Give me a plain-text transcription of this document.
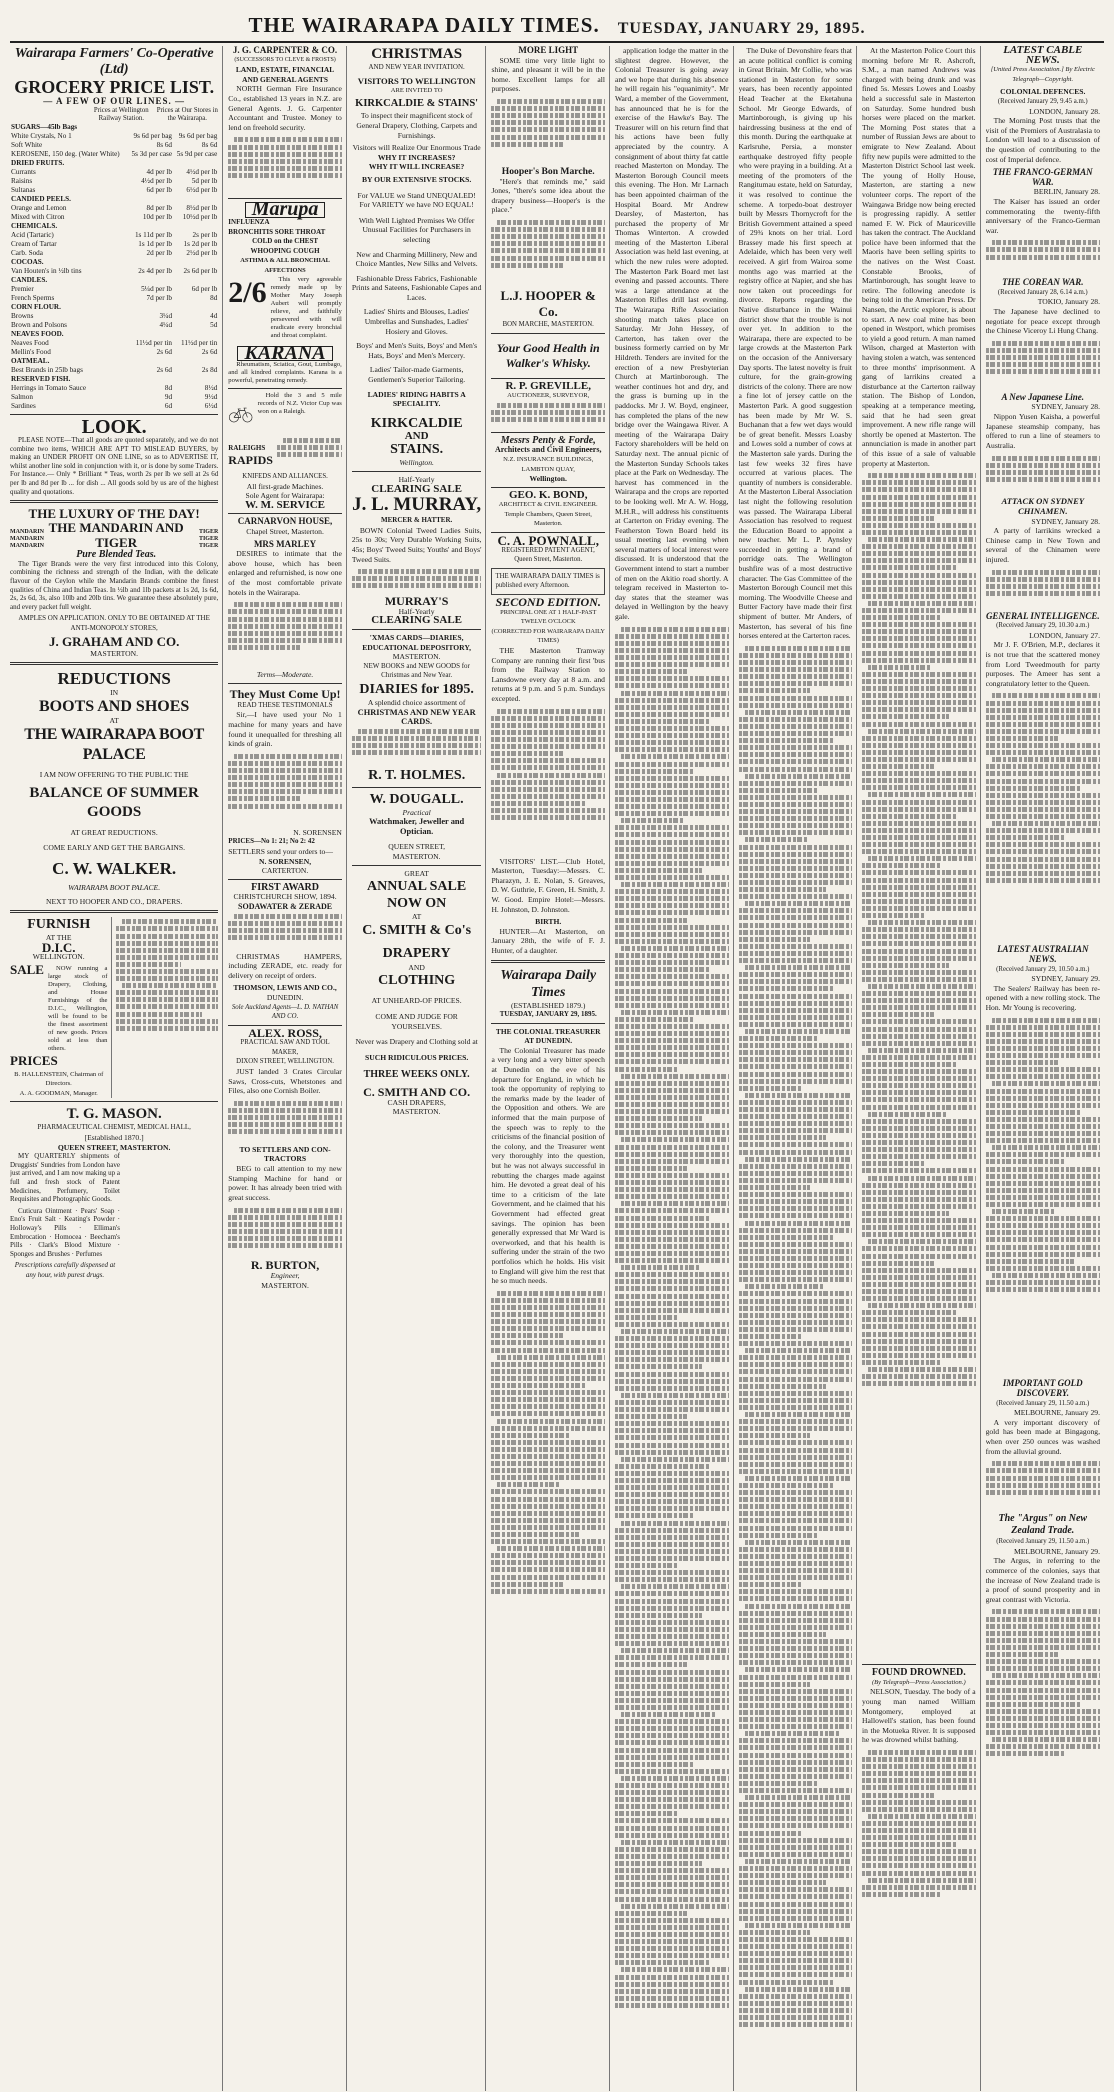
THE WAIRARAPA DAILY TIMES. TUESDAY, JANUARY 29, 1895.
Wairarapa Farmers' Co-Operative (Ltd)
GROCERY PRICE LIST.
— A FEW OF OUR LINES. —
Prices at Wellington Railway Station.
Prices at Our Stores in the Wairarapa.
SUGARS—45lb Bags		
White Crystals, No 1	9s 6d per bag	9s 6d per bag
Soft White	8s 6d	8s 6d
KEROSENE, 150 deg. (Water White)	5s 3d per case	5s 9d per case
DRIED FRUITS.		
Currants	4d per lb	4½d per lb
Raisins	4½d per lb	5d per lb
Sultanas	6d per lb	6½d per lb
CANDIED PEELS.		
Orange and Lemon	8d per lb	8½d per lb
Mixed with Citron	10d per lb	10½d per lb
CHEMICALS.		
Acid (Tartaric)	1s 11d per lb	2s per lb
Cream of Tartar	1s 1d per lb	1s 2d per lb
Carb. Soda	2d per lb	2½d per lb
COCOAS.		
Van Houten's in ½lb tins	2s 4d per lb	2s 6d per lb
CANDLES.		
Premier	5¼d per lb	6d per lb
French Sperms	7d per lb	8d
CORN FLOUR.		
Browns	3¼d	4d
Brown and Polsons	4¼d	5d
NEAVES FOOD.		
Neaves Food	11½d per tin	11½d per tin
Mellin's Food	2s 6d	2s 6d
OATMEAL.		
Best Brands in 25lb bags	2s 6d	2s 8d
RESERVED FISH.		
Herrings in Tomato Sauce	8d	8½d
Salmon	9d	9½d
Sardines	6d	6½d
LOOK.

PLEASE NOTE—That all goods are quoted separately, and we do not combine two items, WHICH ARE APT TO MISLEAD BUYERS, by making an UNDER PROFIT ON ONE LINE, so as to ADVERTISE IT, whilst another line sold in conjunction with it, or is done by some Traders. For Instance.— Only * Brilliant * Teas, worth 2s per lb we sell at 2s 6d per lb and 8d per lb ... for dish ... All goods sold by us are of the highest quality and quotations.

THE LUXURY OF THE DAY!
MANDARIN
MANDARIN
MANDARIN
THE MANDARIN AND TIGER
Pure Blended Teas.
TIGER
TIGER
TIGER

The Tiger Brands were the very first introduced into this Colony, combining the richness and strength of the Indian, with the delicate flavour of the Ceylon while the Mandarin Brands combine the finest qualities of China and Indian Teas. In ½lb and 1lb packets at 1s 2d, 1s 6d, 2s, 2s 6d, 3s, also 10lb and 20lb tins. We guarantee these absolutely pure, and every packet full weight.

AMPLES ON APPLICATION. ONLY TO BE OBTAINED AT THE ANTI-MONOPOLY STORES,
J. GRAHAM AND CO.
MASTERTON.
REDUCTIONS
IN
BOOTS AND SHOES
AT
THE WAIRARAPA BOOT PALACE
I AM NOW OFFERING TO THE PUBLIC THE
BALANCE OF SUMMER GOODS
AT GREAT REDUCTIONS.
COME EARLY AND GET THE BARGAINS.
C. W. WALKER.
WAIRARAPA BOOT PALACE.
NEXT TO HOOPER AND CO., DRAPERS.
FURNISH
AT THE
D.I.C.
WELLINGTON.
SALE	NOW running a large stock of Drapery, Clothing, and House Furnishings of the D.I.C., Wellington, will be found to be the finest assortment of new goods. Prices sold at less than others.

PRICES
B. HALLENSTEIN, Chairman of Directors.
A. A. GOODMAN, Manager.
T. G. MASON.
PHARMACEUTICAL CHEMIST, MEDICAL HALL,
[Established 1870.]
QUEEN STREET, MASTERTON.

MY QUARTERLY shipments of Druggists' Sundries from London have just arrived, and I am now making up a full and fresh stock of Patent Medicines, Perfumery, Toilet Requisites and Photographic Goods.

Cuticura Ointment · Pears' Soap · Eno's Fruit Salt · Keating's Powder · Holloway's Pills · Elliman's Embrocation · Homocea · Beecham's Pills · Clark's Blood Mixture · Sponges and Brushes · Perfumes

Prescriptions carefully dispensed at any hour, with purest drugs.
J. G. CARPENTER & CO.
(SUCCESSORS TO CLEVE & FROSTS)
LAND, ESTATE, FINANCIAL AND GENERAL AGENTS

NORTH German Fire Insurance Co., established 13 years in N.Z. are General Agents. J. G. Carpenter Accountant and Trustee. Money to lend on freehold security.

Marupa
INFLUENZA
BRONCHITIS SORE THROAT
COLD on the CHEST
WHOOPING COUGH
ASTHMA & ALL BRONCHIAL AFFECTIONS
2/6	This very agreeable remedy made up by Mother Mary Joseph Aubert will promptly relieve, and faithfully persevered with will eradicate every bronchial and throat complaint.

KARANA

Rheumatism, Sciatica, Gout, Lumbago, and all kindred complaints. Karana is a powerful, penetrating remedy.

Hold the 3 and 5 mile records of N.Z. Victor Cup was won on a Raleigh.

RALEIGHS
RAPIDS
KNIFEDS AND ALLIANCES.
All first-grade Machines.
Sole Agent for Wairarapa:
W. M. SERVICE
CARNARVON HOUSE,
Chapel Street, Masterton.
MRS MARLEY

DESIRES to intimate that the above house, which has been enlarged and refurnished, is now one of the most comfortable private hotels in the Wairarapa.

Terms—Moderate.
They Must Come Up!
READ THESE TESTIMONIALS

Sir,—I have used your No 1 machine for many years and have found it unequalled for threshing all kinds of grain.

N. SORENSEN
PRICES—No 1: 21; No 2: 42
SETTLERS send your orders to—
N. SORENSEN,
CARTERTON.
FIRST AWARD
CHRISTCHURCH SHOW, 1894.
SODAWATER & ZERADE

CHRISTMAS HAMPERS, including ZERADE, etc. ready for delivery on receipt of orders.

THOMSON, LEWIS AND CO.,
DUNEDIN.
Sole Auckland Agents—L. D. NATHAN AND CO.
ALEX. ROSS,
PRACTICAL SAW AND TOOL MAKER,
DIXON STREET, WELLINGTON.

JUST landed 3 Crates Circular Saws, Cross-cuts, Whetstones and Files, also one Cornish Boiler.

TO SETTLERS AND CON-TRACTORS

BEG to call attention to my new Stamping Machine for hand or power. It has already been tried with great success.

R. BURTON,
Engineer,
MASTERTON.
CHRISTMAS
AND NEW YEAR INVITATION.
VISITORS TO WELLINGTON
ARE INVITED TO
KIRKCALDIE & STAINS'

To inspect their magnificent stock of General Drapery, Clothing, Carpets and Furnishings.

Visitors will Realize Our Enormous Trade
WHY IT INCREASES?
WHY IT WILL INCREASE?
BY OUR EXTENSIVE STOCKS.
For VALUE we Stand UNEQUALED! For VARIETY we have NO EQUAL!
With Well Lighted Premises We Offer Unusual Facilities for Purchasers in selecting
New and Charming Millinery, New and Choice Mantles, New Silks and Velvets.
Fashionable Dress Fabrics, Fashionable Prints and Sateens, Fashionable Capes and Laces.
Ladies' Shirts and Blouses, Ladies' Umbrellas and Sunshades, Ladies' Hosiery and Gloves.
Boys' and Men's Suits, Boys' and Men's Hats, Boys' and Men's Mercery.
Ladies' Tailor-made Garments, Gentlemen's Superior Tailoring.
LADIES' RIDING HABITS A SPECIALITY.
KIRKCALDIE
AND
STAINS.
Wellington.
Half-Yearly
CLEARING SALE
J. L. MURRAY,
MERCER & HATTER.

BOWN Colonial Tweed Ladies Suits, 25s to 30s; Very Durable Working Suits, 45s; Boys' Tweed Suits; Youths' and Boys' Tweed Suits.

MURRAY'S
Half-Yearly
CLEARING SALE
'XMAS CARDS—DIARIES, EDUCATIONAL DEPOSITORY,
MASTERTON.
NEW BOOKS and NEW GOODS for Christmas and New Year.
DIARIES for 1895.
A splendid choice assortment of
CHRISTMAS AND NEW YEAR CARDS.
R. T. HOLMES.
W. DOUGALL.
Practical
Watchmaker, Jeweller and Optician.
QUEEN STREET,
MASTERTON.
GREAT
ANNUAL SALE
NOW ON
AT
C. SMITH & Co's
DRAPERY
AND
CLOTHING
AT UNHEARD-OF PRICES.
COME AND JUDGE FOR YOURSELVES.
Never was Drapery and Clothing sold at
SUCH RIDICULOUS PRICES.
THREE WEEKS ONLY.
C. SMITH AND CO.
CASH DRAPERS,
MASTERTON.
MORE LIGHT

SOME time very little light to shine, and pleasant it will be in the home. Excellent lamps for all purposes.

Hooper's Bon Marche.

"Here's that reminds me," said Jones, "there's some idea about the drapery business—Hooper's is the place."

L.J. HOOPER & Co.
BON MARCHE, MASTERTON.
Your Good Health in Walker's Whisky.
R. P. GREVILLE,
AUCTIONEER, SURVEYOR,
Messrs Penty & Forde,
Architects and Civil Engineers,
N.Z. INSURANCE BUILDINGS, LAMBTON QUAY,
Wellington.
GEO. K. BOND,
ARCHITECT & CIVIL ENGINEER.
Temple Chambers, Queen Street, Masterton.
C. A. POWNALL,
REGISTERED PATENT AGENT,
Queen Street, Masterton.
THE WAIRARAPA DAILY TIMES is published every Afternoon.
SECOND EDITION.
PRINCIPAL ONE AT 1 HALF-PAST TWELVE O'CLOCK
(CORRECTED FOR WAIRARAPA DAILY TIMES)

THE Masterton Tramway Company are running their first 'bus from the Railway Station to Lansdowne every day at 8 a.m. and returns at 9 p.m. and 5 p.m. Sundays excepted.

VISITORS' LIST.—Club Hotel, Masterton, Tuesday:—Messrs. C. Pharazyn, J. E. Nolan, S. Greaves, D. W. Guthrie, F. Green, H. Smith, J. W. Good. Empire Hotel:—Messrs. H. Johnston, D. Johnston.

BIRTH.

HUNTER—At Masterton, on January 28th, the wife of F. J. Hunter, of a daughter.

Wairarapa Daily Times
(ESTABLISHED 1879.)
TUESDAY, JANUARY 29, 1895.
THE COLONIAL TREASURER AT DUNEDIN.

The Colonial Treasurer has made a very long and a very bitter speech at Dunedin on the eve of his departure for England, in which he took the opportunity of replying to the remarks made by the leader of the Opposition and others. We are informed that the main purpose of the speech was to reply to the criticisms of the financial position of the colony, and the Treasurer went very thoroughly into the question, but he was not always successful in rebutting the charges made against him. He devoted a great deal of his time to a criticism of the late Government, and he claimed that his Government had effected great savings. The opinion has been generally expressed that Mr Ward is overworked, and that his health is suffering under the strain of the two portfolios which he holds. His visit to England will give him the rest that he so much needs.

application lodge the matter in the slightest degree. However, the Colonial Treasurer is going away and we hope that during his absence he will regain his "equanimity". Mr Ward, a member of the Government, has announced that he is for the exercise of the Hawke's Bay. The Treasurer will on his return find that his actions have been fully appreciated by the country. A consignment of about thirty fat cattle reached Masterton on Monday. The Masterton Borough Council meets this evening. The Hon. Mr Larnach has been appointed chairman of the Hospital Board. Mr Andrew Dearsley, of Masterton, has purchased the property of Mr Thomas Winterton. A crowded meeting of the Masterton Liberal Association was held last evening, at which the new rules were adopted. The Masterton Park Board met last evening and passed accounts. There was a large attendance at the Masterton Rifles drill last evening. The Wairarapa Rifle Association shooting match takes place on Saturday. Mr John Hessey, of Carterton, has taken over the business formerly carried on by Mr Hildreth. Tenders are invited for the erection of a new Presbyterian Church at Martinborough. The weather continues hot and dry, and the grass is burning up in the paddocks. Mr J. W. Boyd, engineer, has completed the plans of the new bridge over the Waingawa River. A meeting of the Wairarapa Dairy Factory shareholders will be held on Saturday next. The annual picnic of the Masterton Sunday Schools takes place at the Park on Wednesday. The harvest has commenced in the Wairarapa and the crops are reported to be looking well. Mr A. W. Hogg, M.H.R., will address his constituents at Carterton on Friday evening. The Featherston Town Board held its usual meeting last evening when several matters of local interest were discussed. It is understood that the Government intend to start a number of men on the Akitio road shortly. A telegram received in Masterton to-day states that the steamer was delayed in Wellington by the heavy gale.

The Duke of Devonshire fears that an acute political conflict is coming in Great Britain. Mr Collie, who was stationed in Masterton for some years, has been recently appointed Head Teacher at the Eketahuna School. Mr George Edwards, of Martinborough, is giving up his hairdressing business at the end of this month. During the earthquake at Karlsruhe, Persia, a monster earthquake destroyed fifty people who were praying in a building. At a meeting of the promoters of the Rangitumau estate, held on Saturday, it was resolved to continue the scheme. A torpedo-boat destroyer built by Messrs Thornycroft for the British Government attained a speed of 29¾ knots on her trial. Lord Brassey made his first speech at Adelaide, which has been very well received. A girl from Wairoa some months ago was married at the registry office at Napier, and she has now taken out proceedings for divorce. Reports regarding the Native disturbance in the Wainui district show that the trouble is not over yet. In addition to the Wairarapa, there are expected to be large crowds at the Masterton Park on the occasion of the Anniversary Day sports. The latest novelty is fruit culture, for the grain-growing districts of the colony. There are now a fine lot of jersey cattle on the Masterton Park. A good suggestion has been made by Mr W. S. Buchanan that a few wet days would be of great benefit. Messrs Loasby and Lowes sold a number of cows at the Masterton sale yards. During the last few weeks 32 fires have occurred at various places. The quantity of numbers is considerable. At the Masterton Liberal Association last night the following resolution was passed. The Wairarapa Liberal Association has resolved to request the Education Board to appoint a new teacher. Mr L. P. Aynsley succeeded in getting a brand of porridge oats. The Wellington bushfire was of a most destructive character. The Gas Committee of the Masterton Borough Council met this morning. The Woodville Cheese and Butter Factory have made their first shipment of butter. Mr Anders, of Masterton, has several of his fine horses entered at the Carterton races.

At the Masterton Police Court this morning before Mr R. Ashcroft, S.M., a man named Andrews was charged with being drunk and was fined 5s. Messrs Lowes and Loasby held a successful sale in Masterton on Saturday. Some hundred bush horses were placed on the market. The Morning Post states that a number of Russian Jews are about to emigrate to New Zealand. About fifty new pupils were admitted to the Masterton District School last week. The young of Holly House, Masterton, are starting a new volunteer corps. The report of the Waingawa Bridge now being erected is progressing rapidly. A settler named F. W. Pick of Mauriceville has taken the contract. The Auckland police have been informed that the Maoris have been selling spirits to the natives on the West Coast. Constable Brooks, of Martinborough, has sought leave to retire. The following anecdote is being told in the American Press. Dr Nansen, the Arctic explorer, is about to start. A new coal mine has been opened in Westport, which promises to yield a good return. A man named Wilson, charged at Masterton with having stolen a watch, was sentenced to three months' imprisonment. A gang of larrikins created a disturbance at the Carterton railway station. The Bishop of London, speaking at a temperance meeting, said that he had seen great improvement. A new rifle range will shortly be opened at Masterton. The annunciation is made in another part of this issue of a sale of valuable property at Masterton.

FOUND DROWNED.
(By Telegraph—Press Association.)

NELSON, Tuesday. The body of a young man named William Montgomery, employed at Hallowell's station, has been found in the Motueka River. It is supposed he was drowned whilst bathing.

LATEST CABLE NEWS.
[United Press Association.] By Electric Telegraph—Copyright.
COLONIAL DEFENCES.
(Received January 29, 9.45 a.m.)
LONDON, January 28.

The Morning Post trusts that the visit of the Premiers of Australasia to London will lead to a discussion of the question of contributing to the cost of Imperial defence.

THE FRANCO-GERMAN WAR.
BERLIN, January 28.

The Kaiser has issued an order commemorating the twenty-fifth anniversary of the Franco-German war.

THE COREAN WAR.
(Received January 28, 6.14 a.m.)
TOKIO, January 28.

The Japanese have declined to negotiate for peace except through the Chinese Viceroy Li Hung Chang.

A New Japanese Line.
SYDNEY, January 28.

Nippon Yusen Kaisha, a powerful Japanese steamship company, has offered to run a line of steamers to Australia.

ATTACK ON SYDNEY CHINAMEN.
SYDNEY, January 28.

A party of larrikins wrecked a Chinese camp in New Town and several of the Chinamen were injured.

GENERAL INTELLIGENCE.
(Received January 29, 10.30 a.m.)
LONDON, January 27.

Mr J. F. O'Brien, M.P., declares it is not true that the scattered money from Lord Tweedmouth for party purposes. The Ameer has sent a congratulatory letter to the Queen.

LATEST AUSTRALIAN NEWS.
(Received January 29, 10.50 a.m.)
SYDNEY, January 29.

The Sealers' Railway has been re-opened with a new rolling stock. The Hon. Mr Young is recovering.

IMPORTANT GOLD DISCOVERY.
(Received January 29, 11.50 a.m.)
MELBOURNE, January 29.

A very important discovery of gold has been made at Bingagong, when over 250 ounces was washed from the alluvial ground.

The "Argus" on New Zealand Trade.
(Received January 29, 11.50 a.m.)
MELBOURNE, January 29.

The Argus, in referring to the commerce of the colonies, says that the increase of New Zealand trade is a proof of sound prosperity and in great contrast with Victoria.
